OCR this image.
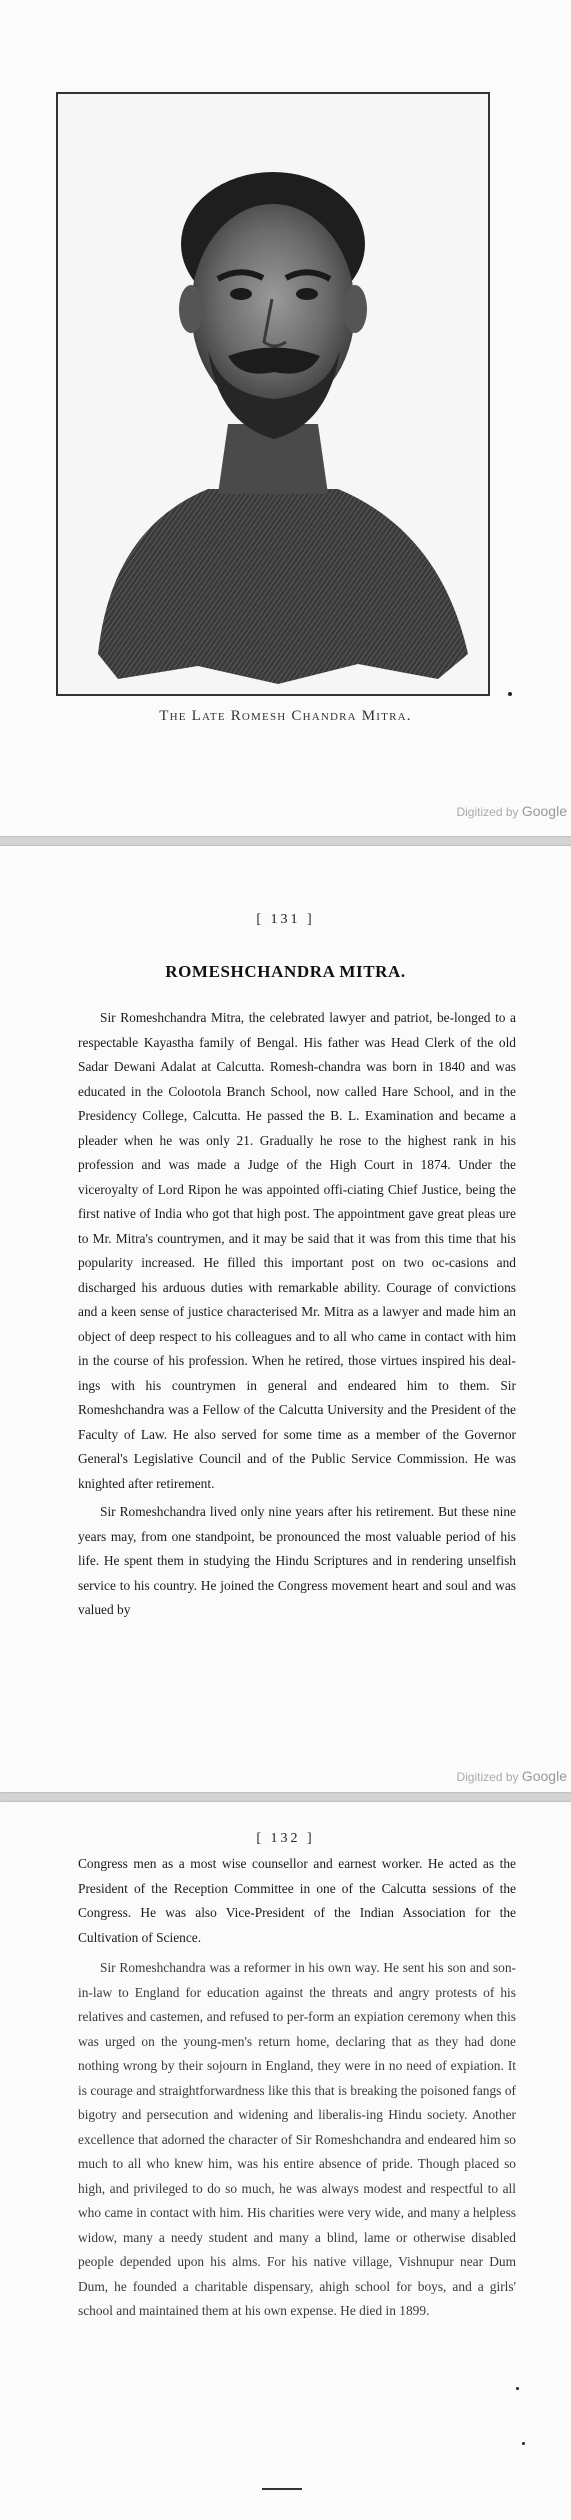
The Late Romesh Chandra Mitra.
Digitized by Google
[ 131 ]
ROMESHCHANDRA MITRA.

Sir Romeshchandra Mitra, the celebrated lawyer and patriot, be-longed to a respectable Kayastha family of Bengal. His father was Head Clerk of the old Sadar Dewani Adalat at Calcutta. Romesh-chandra was born in 1840 and was educated in the Colootola Branch School, now called Hare School, and in the Presidency College, Calcutta. He passed the B. L. Examination and became a pleader when he was only 21. Gradually he rose to the highest rank in his profession and was made a Judge of the High Court in 1874. Under the viceroyalty of Lord Ripon he was appointed offi-ciating Chief Justice, being the first native of India who got that high post. The appointment gave great pleas ure to Mr. Mitra's countrymen, and it may be said that it was from this time that his popularity increased. He filled this important post on two oc-casions and discharged his arduous duties with remarkable ability. Courage of convictions and a keen sense of justice characterised Mr. Mitra as a lawyer and made him an object of deep respect to his colleagues and to all who came in contact with him in the course of his profession. When he retired, those virtues inspired his deal-ings with his countrymen in general and endeared him to them. Sir Romeshchandra was a Fellow of the Calcutta University and the President of the Faculty of Law. He also served for some time as a member of the Governor General's Legislative Council and of the Public Service Commission. He was knighted after retirement.

Sir Romeshchandra lived only nine years after his retirement. But these nine years may, from one standpoint, be pronounced the most valuable period of his life. He spent them in studying the Hindu Scriptures and in rendering unselfish service to his country. He joined the Congress movement heart and soul and was valued by

Digitized by Google
[ 132 ]

Congress men as a most wise counsellor and earnest worker. He acted as the President of the Reception Committee in one of the Calcutta sessions of the Congress. He was also Vice-President of the Indian Association for the Cultivation of Science.

Sir Romeshchandra was a reformer in his own way. He sent his son and son-in-law to England for education against the threats and angry protests of his relatives and castemen, and refused to per-form an expiation ceremony when this was urged on the young-men's return home, declaring that as they had done nothing wrong by their sojourn in England, they were in no need of expiation. It is courage and straightforwardness like this that is breaking the poisoned fangs of bigotry and persecution and widening and liberalis-ing Hindu society. Another excellence that adorned the character of Sir Romeshchandra and endeared him so much to all who knew him, was his entire absence of pride. Though placed so high, and privileged to do so much, he was always modest and respectful to all who came in contact with him. His charities were very wide, and many a helpless widow, many a needy student and many a blind, lame or otherwise disabled people depended upon his alms. For his native village, Vishnupur near Dum Dum, he founded a charitable dispensary, ahigh school for boys, and a girls' school and maintained them at his own expense. He died in 1899.
